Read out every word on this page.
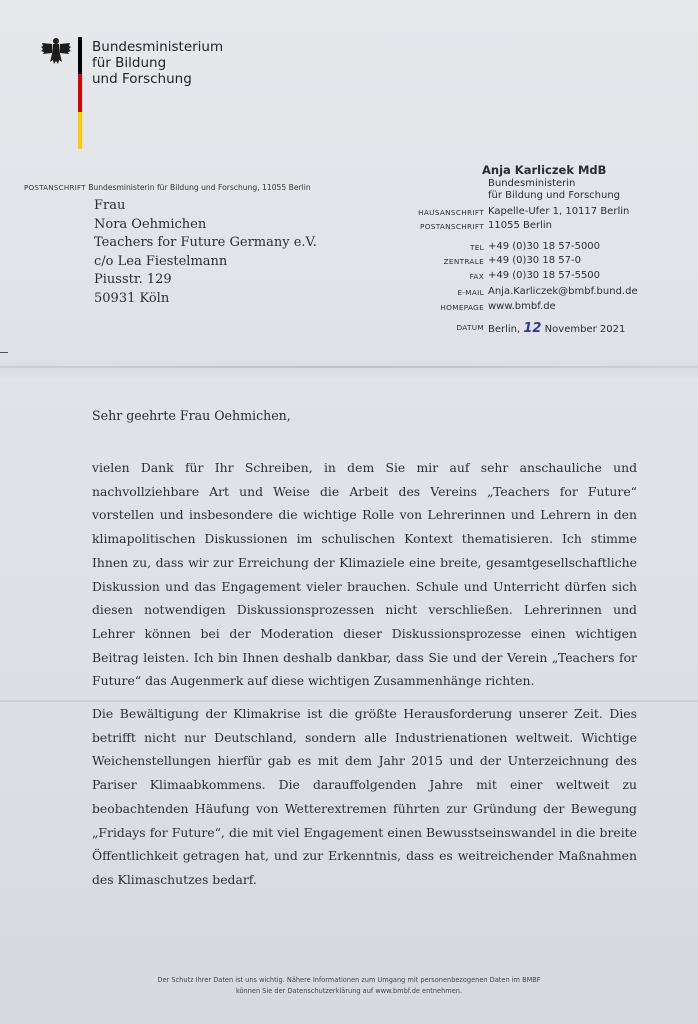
Bundesministerium
für Bildung
und Forschung
POSTANSCHRIFT Bundesministerin für Bildung und Forschung, 11055 Berlin
Frau
Nora Oehmichen
Teachers for Future Germany e.V.
c/o Lea Fiestelmann
Piusstr. 129
50931 Köln
Anja Karliczek MdB
Bundesministerin
für Bildung und Forschung
HAUSANSCHRIFT Kapelle-Ufer 1, 10117 Berlin
POSTANSCHRIFT 11055 Berlin
TEL +49 (0)30 18 57-5000
ZENTRALE +49 (0)30 18 57-0
FAX +49 (0)30 18 57-5500
E-MAIL Anja.Karliczek@bmbf.bund.de
HOMEPAGE www.bmbf.de
DATUM Berlin, 12 November 2021
Sehr geehrte Frau Oehmichen,
vielen Dank für Ihr Schreiben, in dem Sie mir auf sehr anschauliche und nachvollziehbare Art und Weise die Arbeit des Vereins „Teachers for Future“ vorstellen und insbesondere die wichtige Rolle von Lehrerinnen und Lehrern in den klimapolitischen Diskussionen im schulischen Kontext thematisieren. Ich stimme Ihnen zu, dass wir zur Erreichung der Klimaziele eine breite, gesamtgesellschaftliche Diskussion und das Engagement vieler brauchen. Schule und Unterricht dürfen sich diesen notwendigen Diskussionsprozessen nicht verschließen. Lehrerinnen und Lehrer können bei der Moderation dieser Diskussionsprozesse einen wichtigen Beitrag leisten. Ich bin Ihnen deshalb dankbar, dass Sie und der Verein „Teachers for Future“ das Augenmerk auf diese wichtigen Zusammenhänge richten.
Die Bewältigung der Klimakrise ist die größte Herausforderung unserer Zeit. Dies betrifft nicht nur Deutschland, sondern alle Industrienationen weltweit. Wichtige Weichenstellungen hierfür gab es mit dem Jahr 2015 und der Unterzeichnung des Pariser Klimaabkommens. Die darauffolgenden Jahre mit einer weltweit zu beobachtenden Häufung von Wetterextremen führten zur Gründung der Bewegung „Fridays for Future“, die mit viel Engagement einen Bewusstseinswandel in die breite Öffentlichkeit getragen hat, und zur Erkenntnis, dass es weitreichender Maßnahmen des Klimaschutzes bedarf.
Der Schutz Ihrer Daten ist uns wichtig. Nähere Informationen zum Umgang mit personenbezogenen Daten im BMBF
können Sie der Datenschutzerklärung auf www.bmbf.de entnehmen.
